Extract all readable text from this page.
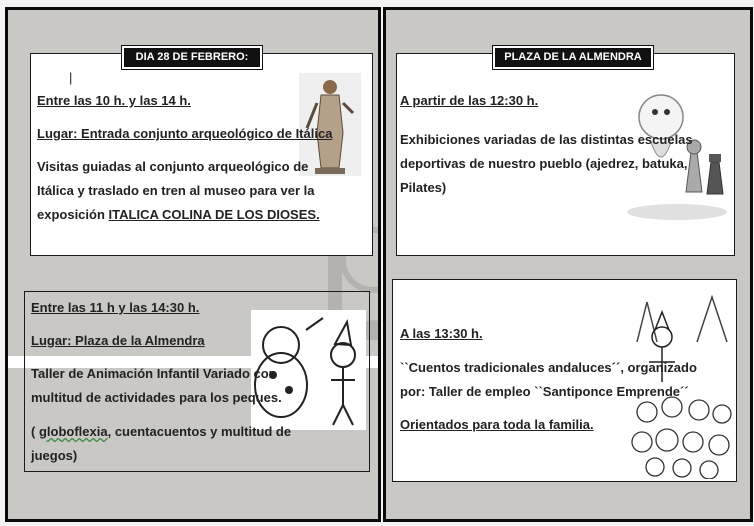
DIA 28 DE FEBRERO:
|
Entre las 10 h. y las 14 h.
Lugar: Entrada conjunto arqueológico de Itálica
Visitas guiadas al conjunto arqueológico de
Itálica y traslado en tren al museo para ver la
exposición ITALICA COLINA DE LOS DIOSES.
Entre las 11 h y las 14:30 h.
Lugar: Plaza de la Almendra
Taller de Animación Infantil Variado con
multitud de actividades para los peques.
( globoflexia, cuentacuentos y multitud de
juegos)
PLAZA DE LA ALMENDRA
A partir de las 12:30 h.
Exhibiciones variadas de las distintas escuelas
deportivas de nuestro pueblo (ajedrez, batuka,
Pilates)
A las 13:30 h.
``Cuentos tradicionales andaluces´´, organizado
por: Taller de empleo ``Santiponce Emprende´´
Orientados para toda la familia.
